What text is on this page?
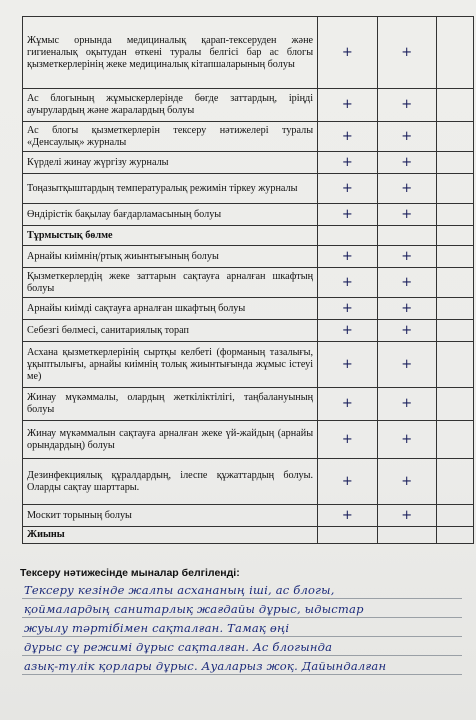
Жұмыс орнында медициналық қарап-тексеруден және гигиеналық оқытудан өткені туралы белгісі бар ас блогы қызметкерлерінің жеке медициналық кітапшаларының болуы	+	+	
Ас блогының жұмыскерлерінде бөгде заттардың, іріңді ауырулардың және жаралардың болуы	+	+	
Ас блогы қызметкерлерін тексеру нәтижелері туралы «Денсаулық» журналы	+	+	
Күрделі жинау жүргізу журналы	+	+	
Тоңазытқыштардың температуралық режимін тіркеу журналы	+	+	
Өндірістік бақылау бағдарламасының болуы	+	+	
Тұрмыстық бөлме			
Арнайы киімнің/ртық жиынтығының болуы	+	+	
Қызметкерлердің жеке заттарын сақтауға арналған шкафтың болуы	+	+	
Арнайы киімді сақтауға арналған шкафтың болуы	+	+	
Себезгі бөлмесі, санитариялық торап	+	+	
Асхана қызметкерлерінің сыртқы келбеті (форманың тазалығы, ұқыптылығы, арнайы киімнің толық жиынтығында жұмыс істеуі ме)	+	+	
Жинау мүкәммалы, олардың жеткіліктілігі, таңбалануының болуы	+	+	
Жинау мүкәммалын сақтауға арналған жеке үй-жайдың (арнайы орындардың) болуы	+	+	
Дезинфекциялық құралдардың, ілеспе құжаттардың болуы. Оларды сақтау шарттары.	+	+	
Москит торының болуы	+	+	
Жиыны			
Тексеру нәтижесінде мыналар белгіленді:
Тексеру кезінде жалпы асхананың ішi, ас блогы,
қоймалардың санитарлық жағдайы дұрыс, ыдыстар
жуылу тәртібімен сақталған. Тамақ өңі
дұрыс сұ режимі дұрыс сақталған. Ас блогында
азық-түлік қорлары дұрыс. Ауаларыз жоқ. Дайындалған
